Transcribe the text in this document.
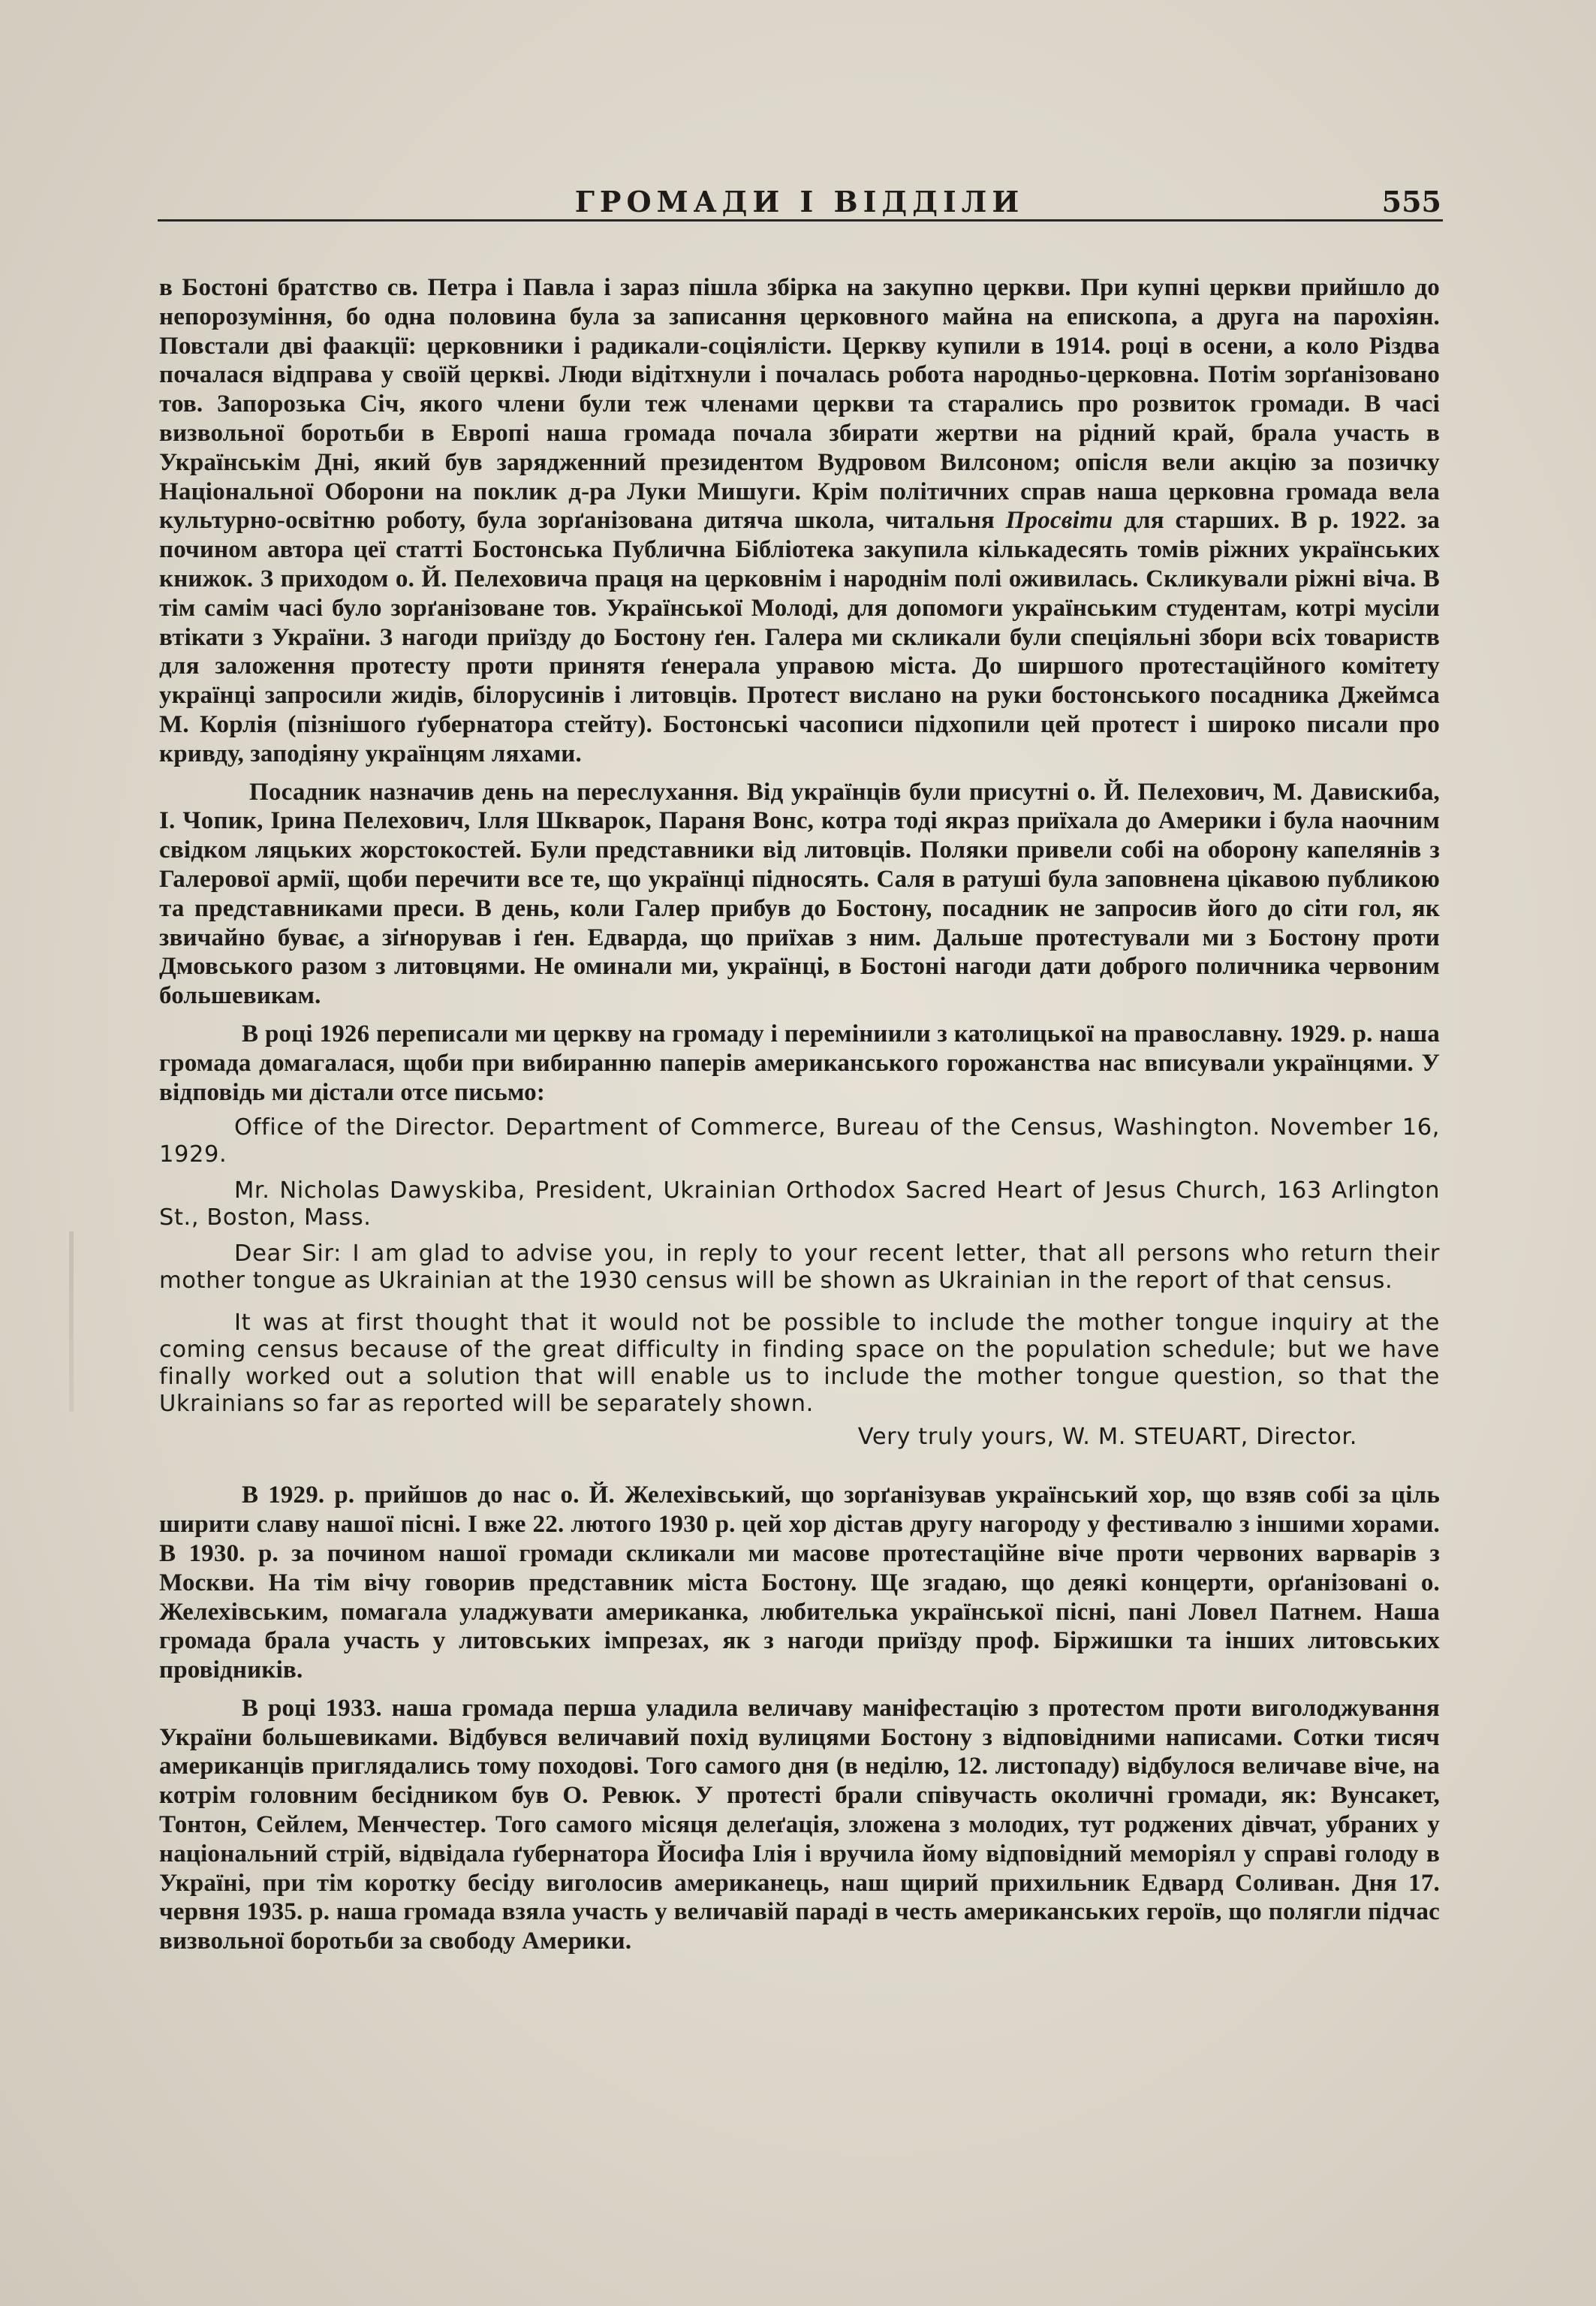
ГРОМАДИ І ВІДДІЛИ	555

в Бостоні братство св. Петра і Павла і зараз пішла збірка на закупно церкви. При купні церкви прийшло до непорозуміння, бо одна половина була за записання церковного майна на епископа, а друга на парохіян. Повстали дві фаакції: церковники і радикали-соціялісти. Церкву купили в 1914. році в осени, а коло Різдва почалася відправа у своїй церкві. Люди відітхнули і почалась робота народньо-церковна. Потім зорґанізовано тов. Запорозька Січ, якого члени були теж членами церкви та старались про розвиток громади. В часі визвольної боротьби в Европі наша громада почала збирати жертви на рідний край, брала участь в Українськім Дні, який був зарядженний президентом Вудровом Вилсоном; опісля вели акцію за позичку Національної Оборони на поклик д-ра Луки Мишуги. Крім політичних справ наша церковна громада вела культурно-освітню роботу, була зорґанізована дитяча школа, читальня Просвіти для старших. В р. 1922. за почином автора цеї статті Бостонська Публична Бібліотека закупила кількадесять томів ріжних українських книжок. З приходом о. Й. Пелеховича праця на церковнім і народнім полі оживилась. Скликували ріжні віча. В тім самім часі було зорґанізоване тов. Української Молоді, для допомоги українським студентам, котрі мусіли втікати з України. З нагоди приїзду до Бостону ґен. Галера ми скликали були спеціяльні збори всіх товариств для заложення протесту проти принятя ґенерала управою міста. До ширшого протестаційного комітету українці запросили жидів, білорусинів і литовців. Протест вислано на руки бостонського посадника Джеймса М. Корлія (пізнішого ґубернатора стейту). Бостонські часописи підхопили цей протест і широко писали про кривду, заподіяну українцям ляхами.

Посадник назначив день на переслухання. Від українців були присутні о. Й. Пелехович, М. Давискиба, І. Чопик, Ірина Пелехович, Ілля Шкварок, Параня Вонс, котра тоді якраз приїхала до Америки і була наочним свідком ляцьких жорстокостей. Були представники від литовців. Поляки привели собі на оборону капелянів з Галерової армії, щоби перечити все те, що українці підносять. Саля в ратуші була заповнена цікавою публикою та представниками преси. В день, коли Галер прибув до Бостону, посадник не запросив його до сіти гол, як звичайно буває, а зіґнорував і ґен. Едварда, що приїхав з ним. Дальше протестували ми з Бостону проти Дмовського разом з литовцями. Не оминали ми, українці, в Бостоні нагоди дати доброго поличника червоним большевикам.

В році 1926 переписали ми церкву на громаду і переміниили з католицької на православну. 1929. р. наша громада домагалася, щоби при вибиранню паперів американського горожанства нас вписували українцями. У відповідь ми дістали отсе письмо:

Office of the Director. Department of Commerce, Bureau of the Census, Washington. November 16, 1929.

Mr. Nicholas Dawyskiba, President, Ukrainian Orthodox Sacred Heart of Jesus Church, 163 Arlington St., Boston, Mass.

Dear Sir: I am glad to advise you, in reply to your recent letter, that all persons who return their mother tongue as Ukrainian at the 1930 census will be shown as Ukrainian in the report of that census.

It was at first thought that it would not be possible to include the mother tongue inquiry at the coming census because of the great difficulty in finding space on the population schedule; but we have finally worked out a solution that will enable us to include the mother tongue question, so that the Ukrainians so far as reported will be separately shown.

Very truly yours, W. M. STEUART, Director.

В 1929. р. прийшов до нас о. Й. Желехівський, що зорґанізував український хор, що взяв собі за ціль ширити славу нашої пісні. І вже 22. лютого 1930 р. цей хор дістав другу нагороду у фестивалю з іншими хорами. В 1930. р. за почином нашої громади скликали ми масове протестаційне віче проти червоних варварів з Москви. На тім вічу говорив представник міста Бостону. Ще згадаю, що деякі концерти, орґанізовані о. Желехівським, помагала уладжувати американка, любителька української пісні, пані Ловел Патнем. Наша громада брала участь у литовських імпрезах, як з нагоди приїзду проф. Біржишки та інших литовських провідників.

В році 1933. наша громада перша уладила величаву маніфестацію з протестом проти виголоджування України большевиками. Відбувся величавий похід вулицями Бостону з відповідними написами. Сотки тисяч американців приглядались тому походові. Того самого дня (в неділю, 12. листопаду) відбулося величаве віче, на котрім головним бесідником був О. Ревюк. У протесті брали співучасть околичні громади, як: Вунсакет, Тонтон, Сейлем, Менчестер. Того самого місяця делеґація, зложена з молодих, тут роджених дівчат, убраних у національний стрій, відвідала ґубернатора Йосифа Ілія і вручила йому відповідний меморіял у справі голоду в Україні, при тім коротку бесіду виголосив американець, наш щирий прихильник Едвард Соливан. Дня 17. червня 1935. р. наша громада взяла участь у величавій параді в честь американських героїв, що полягли підчас визвольної боротьби за свободу Америки.
